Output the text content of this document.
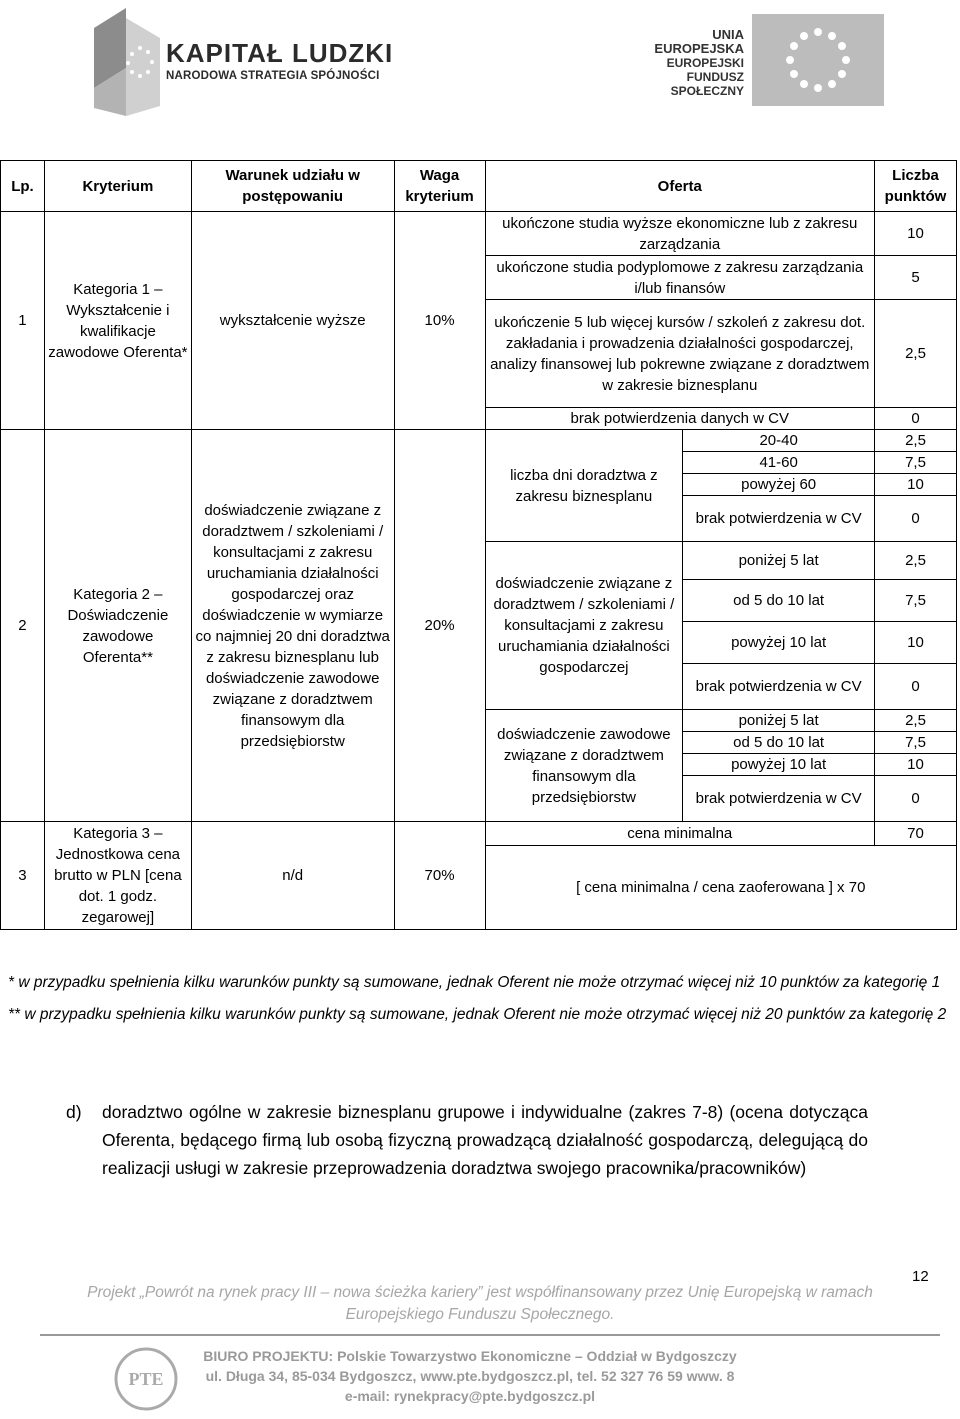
KAPITAŁ LUDZKI
NARODOWA STRATEGIA SPÓJNOŚCI
UNIA EUROPEJSKA
EUROPEJSKI
FUNDUSZ SPOŁECZNY
Lp.	Kryterium	Warunek udziału w postępowaniu	Waga kryterium	Oferta		Liczba punktów
1	Kategoria 1 – Wykształcenie i kwalifikacje zawodowe Oferenta*	wykształcenie wyższe	10%	ukończone studia wyższe ekonomiczne lub z zakresu zarządzania		10
				ukończone studia podyplomowe z zakresu zarządzania i/lub finansów		5
				ukończenie 5 lub więcej kursów / szkoleń z zakresu dot. zakładania i prowadzenia działalności gospodarczej, analizy finansowej lub pokrewne związane z doradztwem w zakresie biznesplanu		2,5
				brak potwierdzenia danych w CV		0
2	Kategoria 2 – Doświadczenie zawodowe Oferenta**	doświadczenie związane z doradztwem / szkoleniami / konsultacjami z zakresu uruchamiania działalności gospodarczej oraz doświadczenie w wymiarze co najmniej 20 dni doradztwa z zakresu biznesplanu lub doświadczenie zawodowe związane z doradztwem finansowym dla przedsiębiorstw	20%	liczba dni doradztwa z zakresu biznesplanu	20-40	2,5
					41-60	7,5
					powyżej 60	10
					brak potwierdzenia w CV	0
				doświadczenie związane z doradztwem / szkoleniami / konsultacjami z zakresu uruchamiania działalności gospodarczej	poniżej 5 lat	2,5
					od 5 do 10 lat	7,5
					powyżej 10 lat	10
					brak potwierdzenia w CV	0
				doświadczenie zawodowe związane z doradztwem finansowym dla przedsiębiorstw	poniżej 5 lat	2,5
					od 5 do 10 lat	7,5
					powyżej 10 lat	10
					brak potwierdzenia w CV	0
3	Kategoria 3 – Jednostkowa cena brutto w PLN [cena dot. 1 godz. zegarowej]	n/d	70%	cena minimalna		70
				[ cena minimalna / cena zaoferowana ] x 70		

* w przypadku spełnienia kilku warunków punkty są sumowane, jednak Oferent nie może otrzymać więcej niż 10 punktów za kategorię 1

** w przypadku spełnienia kilku warunków punkty są sumowane, jednak Oferent nie może otrzymać więcej niż 20 punktów za kategorię 2

d) doradztwo ogólne w zakresie biznesplanu grupowe i indywidualne (zakres 7-8) (ocena dotycząca Oferenta, będącego firmą lub osobą fizyczną prowadzącą działalność gospodarczą, delegującą do realizacji usługi w zakresie przeprowadzenia doradztwa swojego pracownika/pracowników)
12
Projekt „Powrót na rynek pracy III – nowa ścieżka kariery” jest współfinansowany przez Unię Europejską w ramach Europejskiego Funduszu Społecznego.
PTE
BIURO PROJEKTU: Polskie Towarzystwo Ekonomiczne – Oddział w Bydgoszczy
ul. Długa 34, 85-034 Bydgoszcz, www.pte.bydgoszcz.pl, tel. 52 327 76 59 www. 8
e-mail: rynekpracy@pte.bydgoszcz.pl
